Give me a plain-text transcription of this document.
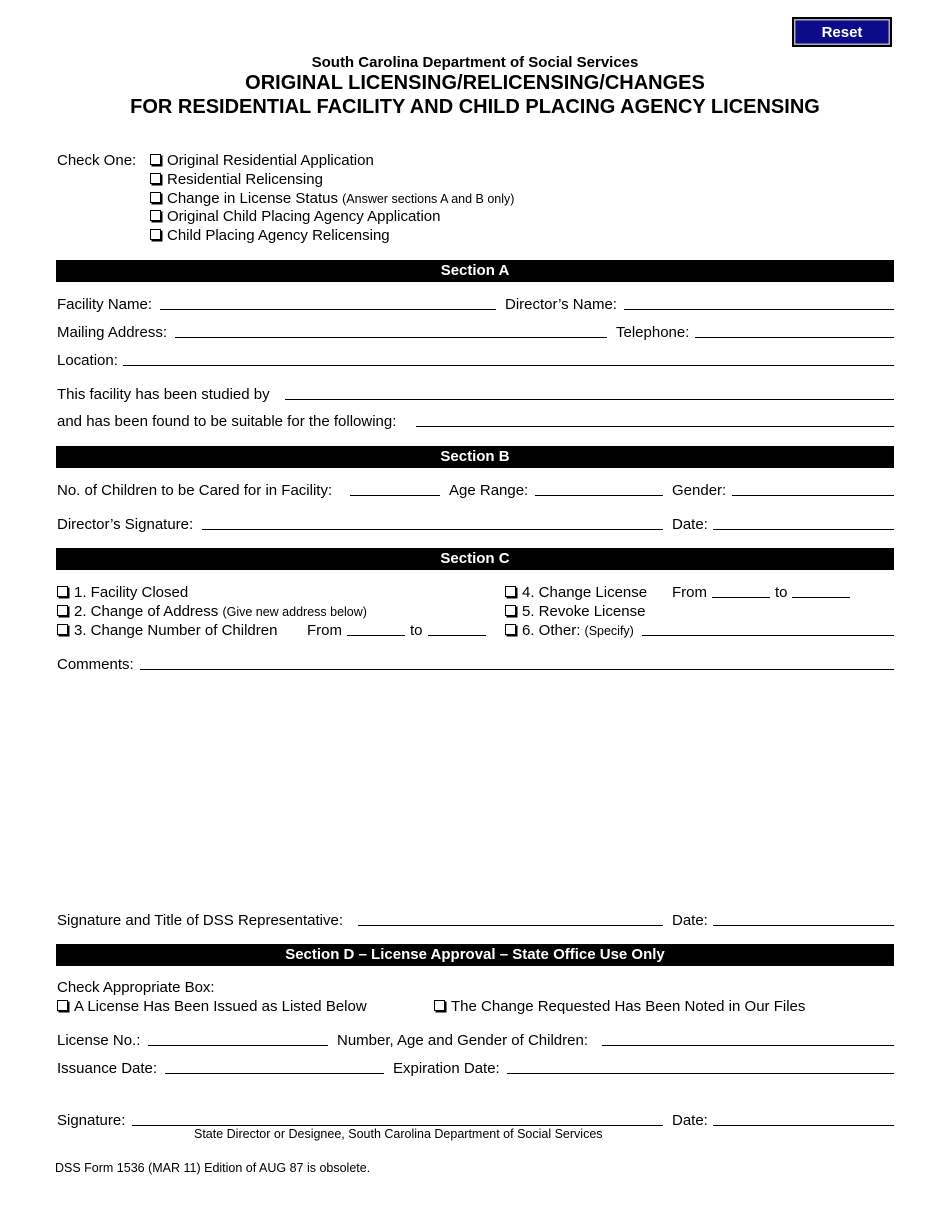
Reset
South Carolina Department of Social Services
ORIGINAL LICENSING/RELICENSING/CHANGES
FOR RESIDENTIAL FACILITY AND CHILD PLACING AGENCY LICENSING
Check One:	Original Residential Application
Residential Relicensing
Change in License Status (Answer sections A and B only)
Original Child Placing Agency Application
Child Placing Agency Relicensing
Section A
Facility Name:	Director’s Name:
Mailing Address:	Telephone:
Location:
This facility has been studied by
and has been found to be suitable for the following:
Section B
No. of Children to be Cared for in Facility:	Age Range:	Gender:
Director’s Signature:	Date:
Section C
1. Facility Closed
2. Change of Address (Give new address below)
3. Change Number of Children From	to
4. Change License From	to
5. Revoke License
6. Other: (Specify)
Comments:
Signature and Title of DSS Representative:	Date:
Section D – License Approval – State Office Use Only
Check Appropriate Box:
A License Has Been Issued as Listed Below	The Change Requested Has Been Noted in Our Files
License No.:	Number, Age and Gender of Children:
Issuance Date:	Expiration Date:
Signature:	Date:
State Director or Designee, South Carolina Department of Social Services
DSS Form 1536 (MAR 11) Edition of AUG 87 is obsolete.
